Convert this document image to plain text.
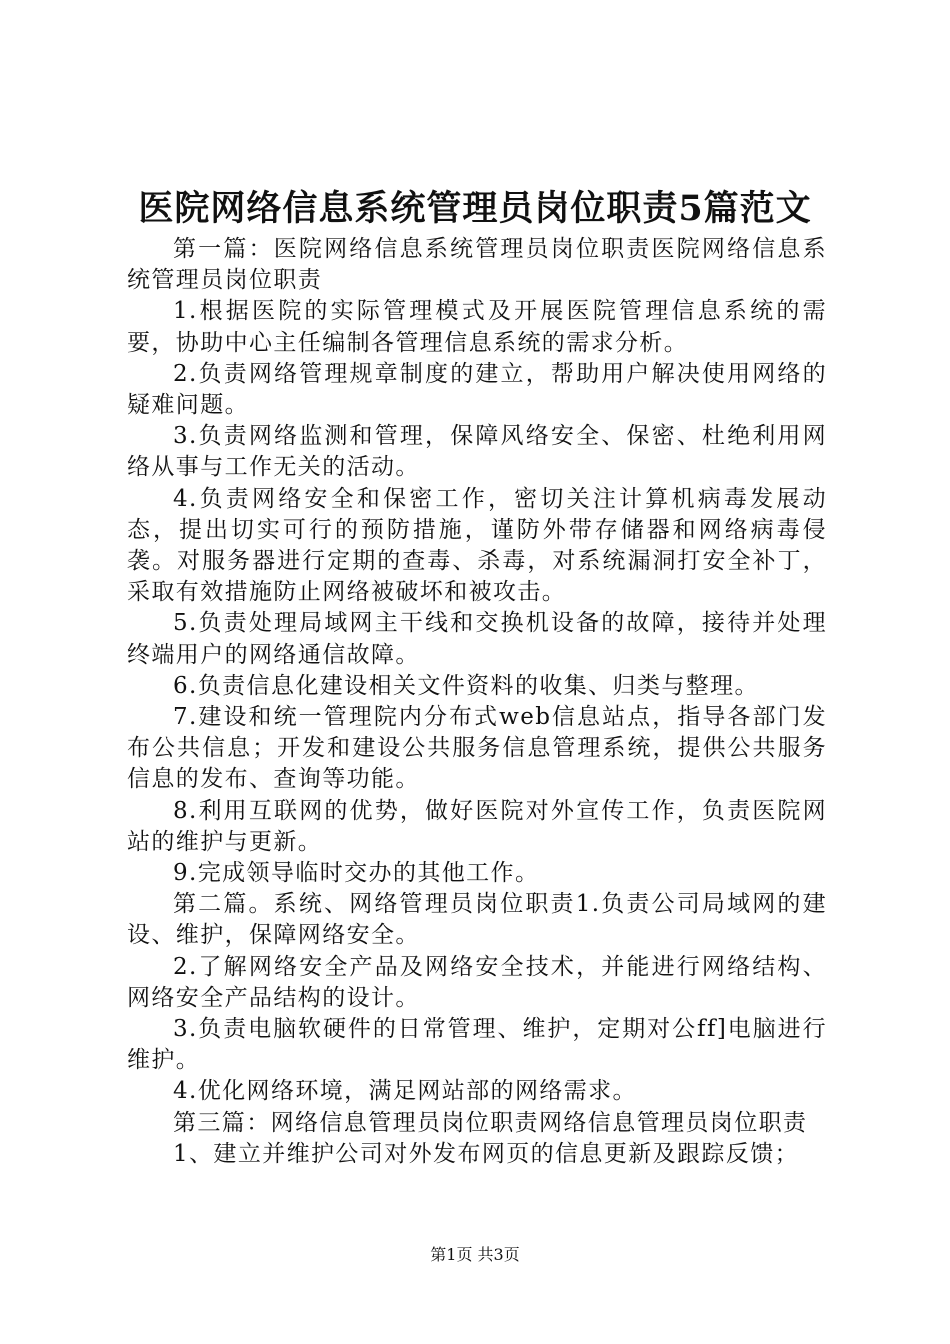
医院网络信息系统管理员岗位职责5篇范文

第一篇：医院网络信息系统管理员岗位职责医院网络信息系统管理员岗位职责

1.根据医院的实际管理模式及开展医院管理信息系统的需要，协助中心主任编制各管理信息系统的需求分析。

2.负责网络管理规章制度的建立，帮助用户解决使用网络的疑难问题。

3.负责网络监测和管理，保障风络安全、保密、杜绝利用网络从事与工作无关的活动。

4.负责网络安全和保密工作，密切关注计算机病毒发展动态，提出切实可行的预防措施，谨防外带存储器和网络病毒侵袭。对服务器进行定期的查毒、杀毒，对系统漏洞打安全补丁，采取有效措施防止网络被破坏和被攻击。

5.负责处理局域网主干线和交换机设备的故障，接待并处理终端用户的网络通信故障。

6.负责信息化建设相关文件资料的收集、归类与整理。

7.建设和统一管理院内分布式web信息站点，指导各部门发布公共信息；开发和建设公共服务信息管理系统，提供公共服务信息的发布、查询等功能。

8.利用互联网的优势，做好医院对外宣传工作，负责医院网站的维护与更新。

9.完成领导临时交办的其他工作。

第二篇。系统、网络管理员岗位职责1.负责公司局域网的建设、维护，保障网络安全。

2.了解网络安全产品及网络安全技术，并能进行网络结构、网络安全产品结构的设计。

3.负责电脑软硬件的日常管理、维护，定期对公ff]电脑进行维护。

4.优化网络环境，满足网站部的网络需求。

第三篇：网络信息管理员岗位职责网络信息管理员岗位职责

1、建立并维护公司对外发布网页的信息更新及跟踪反馈；

第1页 共3页
